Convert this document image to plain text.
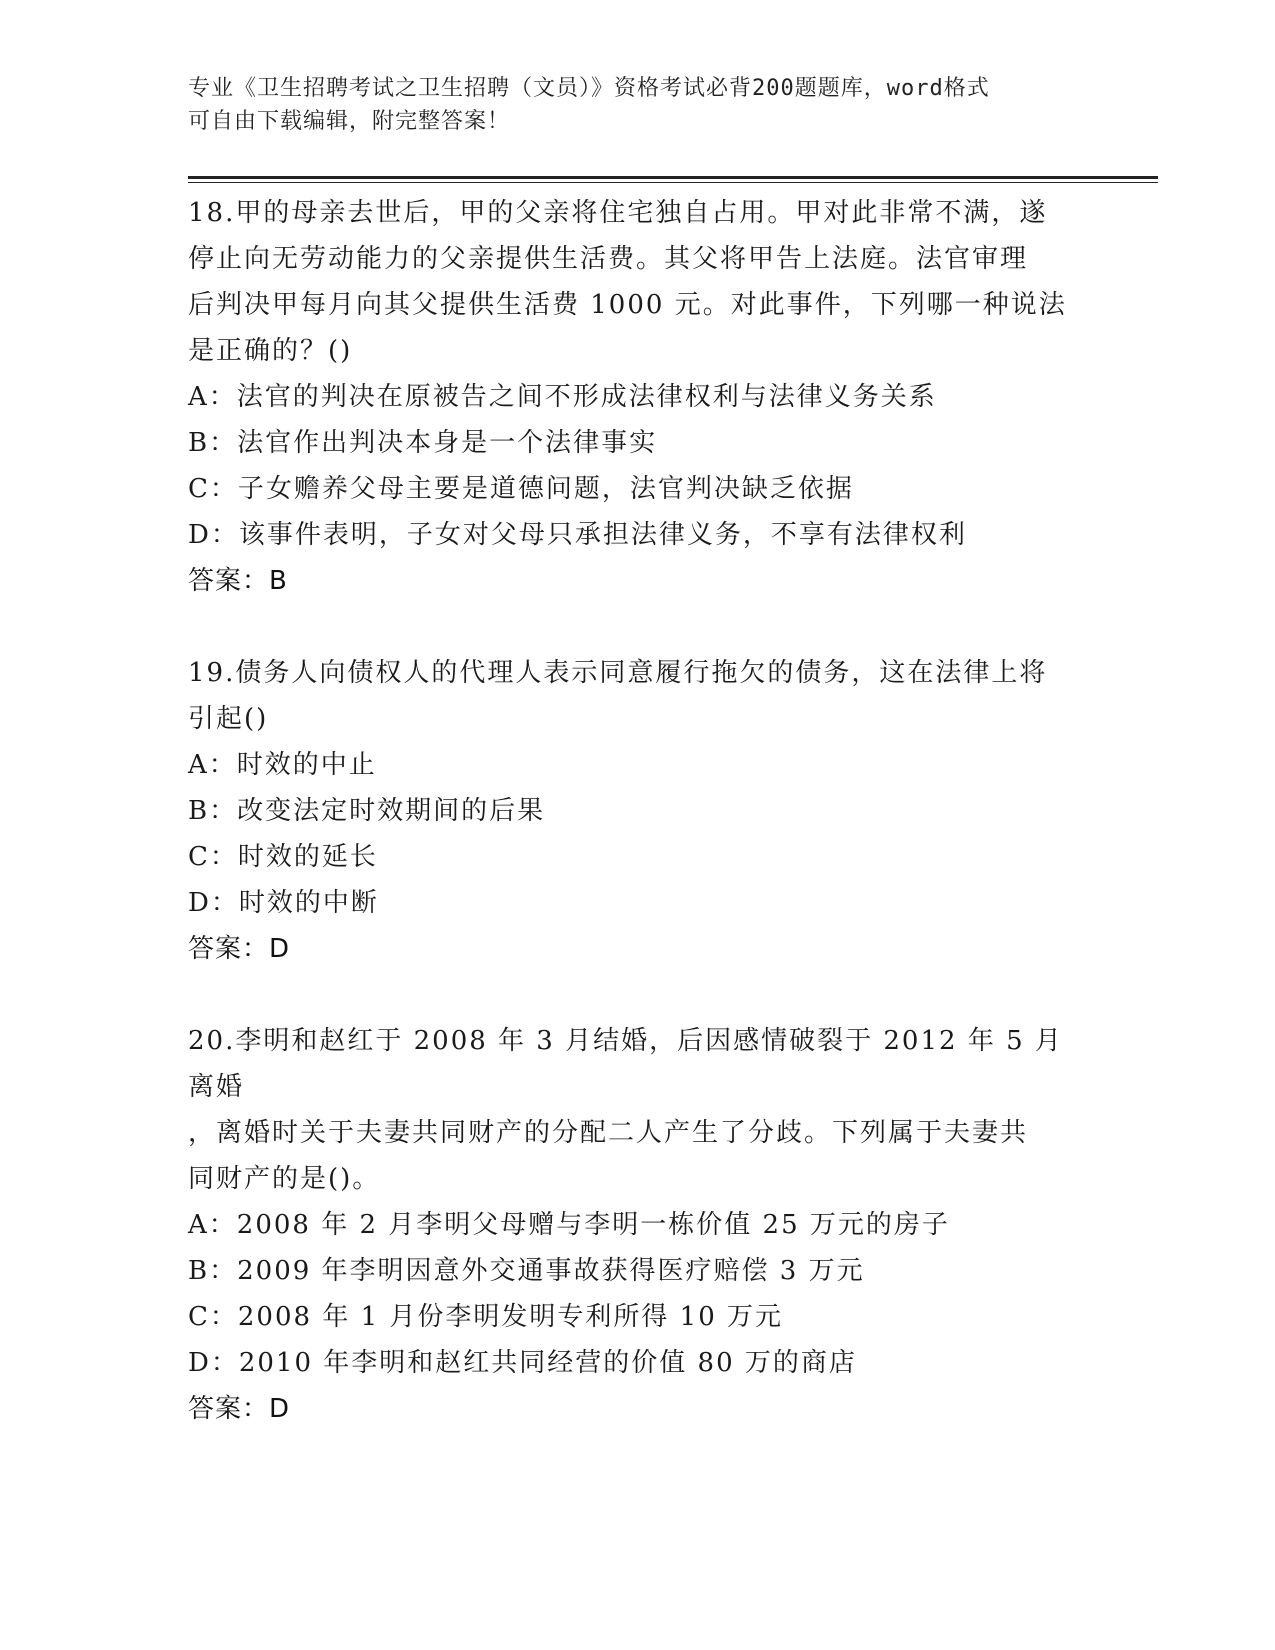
专业《卫生招聘考试之卫生招聘（文员）》资格考试必背200题题库，word格式
可自由下载编辑，附完整答案！
18.甲的母亲去世后，甲的父亲将住宅独自占用。甲对此非常不满，遂
停止向无劳动能力的父亲提供生活费。其父将甲告上法庭。法官审理
后判决甲每月向其父提供生活费 1000 元。对此事件，下列哪一种说法
是正确的？()
A：法官的判决在原被告之间不形成法律权利与法律义务关系
B：法官作出判决本身是一个法律事实
C：子女赡养父母主要是道德问题，法官判决缺乏依据
D：该事件表明，子女对父母只承担法律义务，不享有法律权利
答案：B
19.债务人向债权人的代理人表示同意履行拖欠的债务，这在法律上将
引起()
A：时效的中止
B：改变法定时效期间的后果
C：时效的延长
D：时效的中断
答案：D
20.李明和赵红于 2008 年 3 月结婚，后因感情破裂于 2012 年 5 月离婚
，离婚时关于夫妻共同财产的分配二人产生了分歧。下列属于夫妻共
同财产的是()。
A：2008 年 2 月李明父母赠与李明一栋价值 25 万元的房子
B：2009 年李明因意外交通事故获得医疗赔偿 3 万元
C：2008 年 1 月份李明发明专利所得 10 万元
D：2010 年李明和赵红共同经营的价值 80 万的商店
答案：D
